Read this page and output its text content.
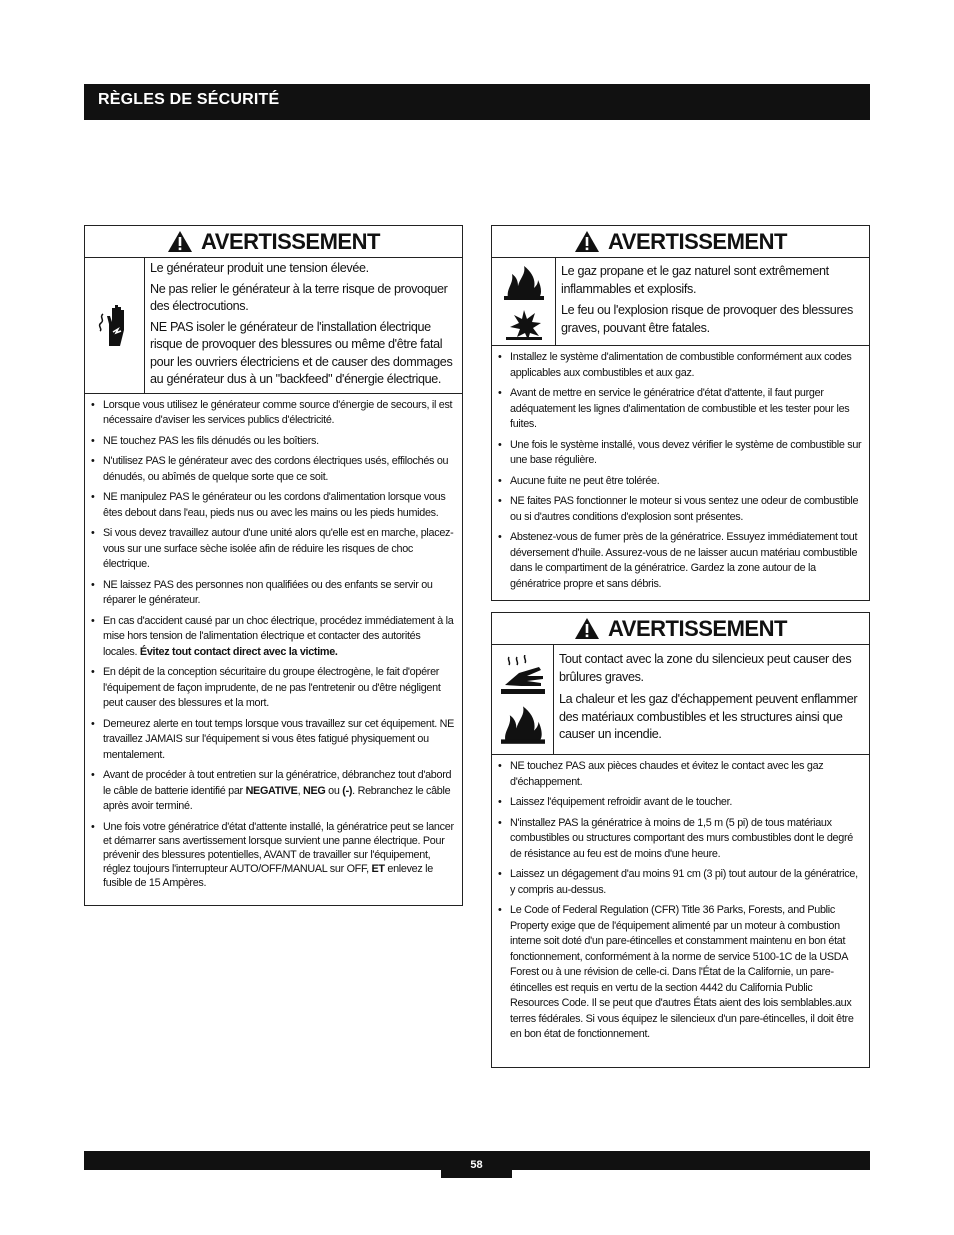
RÈGLES DE SÉCURITÉ
AVERTISSEMENT

Le générateur produit une tension élevée.

Ne pas relier le générateur à la terre risque de provoquer des électrocutions.

NE PAS isoler le générateur de l'installation électrique risque de provoquer des blessures ou même d'être fatal pour les ouvriers électriciens et de causer des dommages au générateur dus à un "backfeed" d'énergie électrique.

• Lorsque vous utilisez le générateur comme source d'énergie de secours, il est nécessaire d'aviser les services publics d'électricité.
• NE touchez PAS les fils dénudés ou les boîtiers.
• N'utilisez PAS le générateur avec des cordons électriques usés, effilochés ou dénudés, ou abîmés de quelque sorte que ce soit.
• NE manipulez PAS le générateur ou les cordons d'alimentation lorsque vous êtes debout dans l'eau, pieds nus ou avec les mains ou les pieds humides.
• Si vous devez travaillez autour d'une unité alors qu'elle est en marche, placez-vous sur une surface sèche isolée afin de réduire les risques de choc électrique.
• NE laissez PAS des personnes non qualifiées ou des enfants se servir ou réparer le générateur.
• En cas d'accident causé par un choc électrique, procédez immédiatement à la mise hors tension de l'alimentation électrique et contacter des autorités locales. Évitez tout contact direct avec la victime.
• En dépit de la conception sécuritaire du groupe électrogène, le fait d'opérer l'équipement de façon imprudente, de ne pas l'entretenir ou d'être négligent peut causer des blessures et la mort.
• Demeurez alerte en tout temps lorsque vous travaillez sur cet équipement. NE travaillez JAMAIS sur l'équipement si vous êtes fatigué physiquement ou mentalement.
• Avant de procéder à tout entretien sur la génératrice, débranchez tout d'abord le câble de batterie identifié par NEGATIVE, NEG ou (-). Rebranchez le câble après avoir terminé.
• Une fois votre génératrice d'état d'attente installé, la génératrice peut se lancer et démarrer sans avertissement lorsque survient une panne électrique. Pour prévenir des blessures potentielles, AVANT de travailler sur l'équipement, réglez toujours l'interrupteur AUTO/OFF/MANUAL sur OFF, ET enlevez le fusible de 15 Ampères.
AVERTISSEMENT

Le gaz propane et le gaz naturel sont extrêmement inflammables et explosifs.

Le feu ou l'explosion risque de provoquer des blessures graves, pouvant être fatales.

• Installez le système d'alimentation de combustible conformément aux codes applicables aux combustibles et aux gaz.
• Avant de mettre en service le génératrice d'état d'attente, il faut purger adéquatement les lignes d'alimentation de combustible et les tester pour les fuites.
• Une fois le système installé, vous devez vérifier le système de combustible sur une base régulière.
• Aucune fuite ne peut être tolérée.
• NE faites PAS fonctionner le moteur si vous sentez une odeur de combustible ou si d'autres conditions d'explosion sont présentes.
• Abstenez-vous de fumer près de la génératrice. Essuyez immédiatement tout déversement d'huile. Assurez-vous de ne laisser aucun matériau combustible dans le compartiment de la génératrice. Gardez la zone autour de la génératrice propre et sans débris.
AVERTISSEMENT

Tout contact avec la zone du silencieux peut causer des brûlures graves.

La chaleur et les gaz d'échappement peuvent enflammer des matériaux combustibles et les structures ainsi que causer un incendie.

• NE touchez PAS aux pièces chaudes et évitez le contact avec les gaz d'échappement.
• Laissez l'équipement refroidir avant de le toucher.
• N'installez PAS la génératrice à moins de 1,5 m (5 pi) de tous matériaux combustibles ou structures comportant des murs combustibles dont le degré de résistance au feu est de moins d'une heure.
• Laissez un dégagement d'au moins 91 cm (3 pi) tout autour de la génératrice, y compris au-dessus.
• Le Code of Federal Regulation (CFR) Title 36 Parks, Forests, and Public Property exige que de l'équipement alimenté par un moteur à combustion interne soit doté d'un pare-étincelles et constamment maintenu en bon état fonctionnement, conformément à la norme de service 5100-1C de la USDA Forest ou à une révision de celle-ci. Dans l'État de la Californie, un pare-étincelles est requis en vertu de la section 4442 du California Public Resources Code. Il se peut que d'autres États aient des lois semblables.aux terres fédérales. Si vous équipez le silencieux d'un pare-étincelles, il doit être en bon état de fonctionnement.
58
